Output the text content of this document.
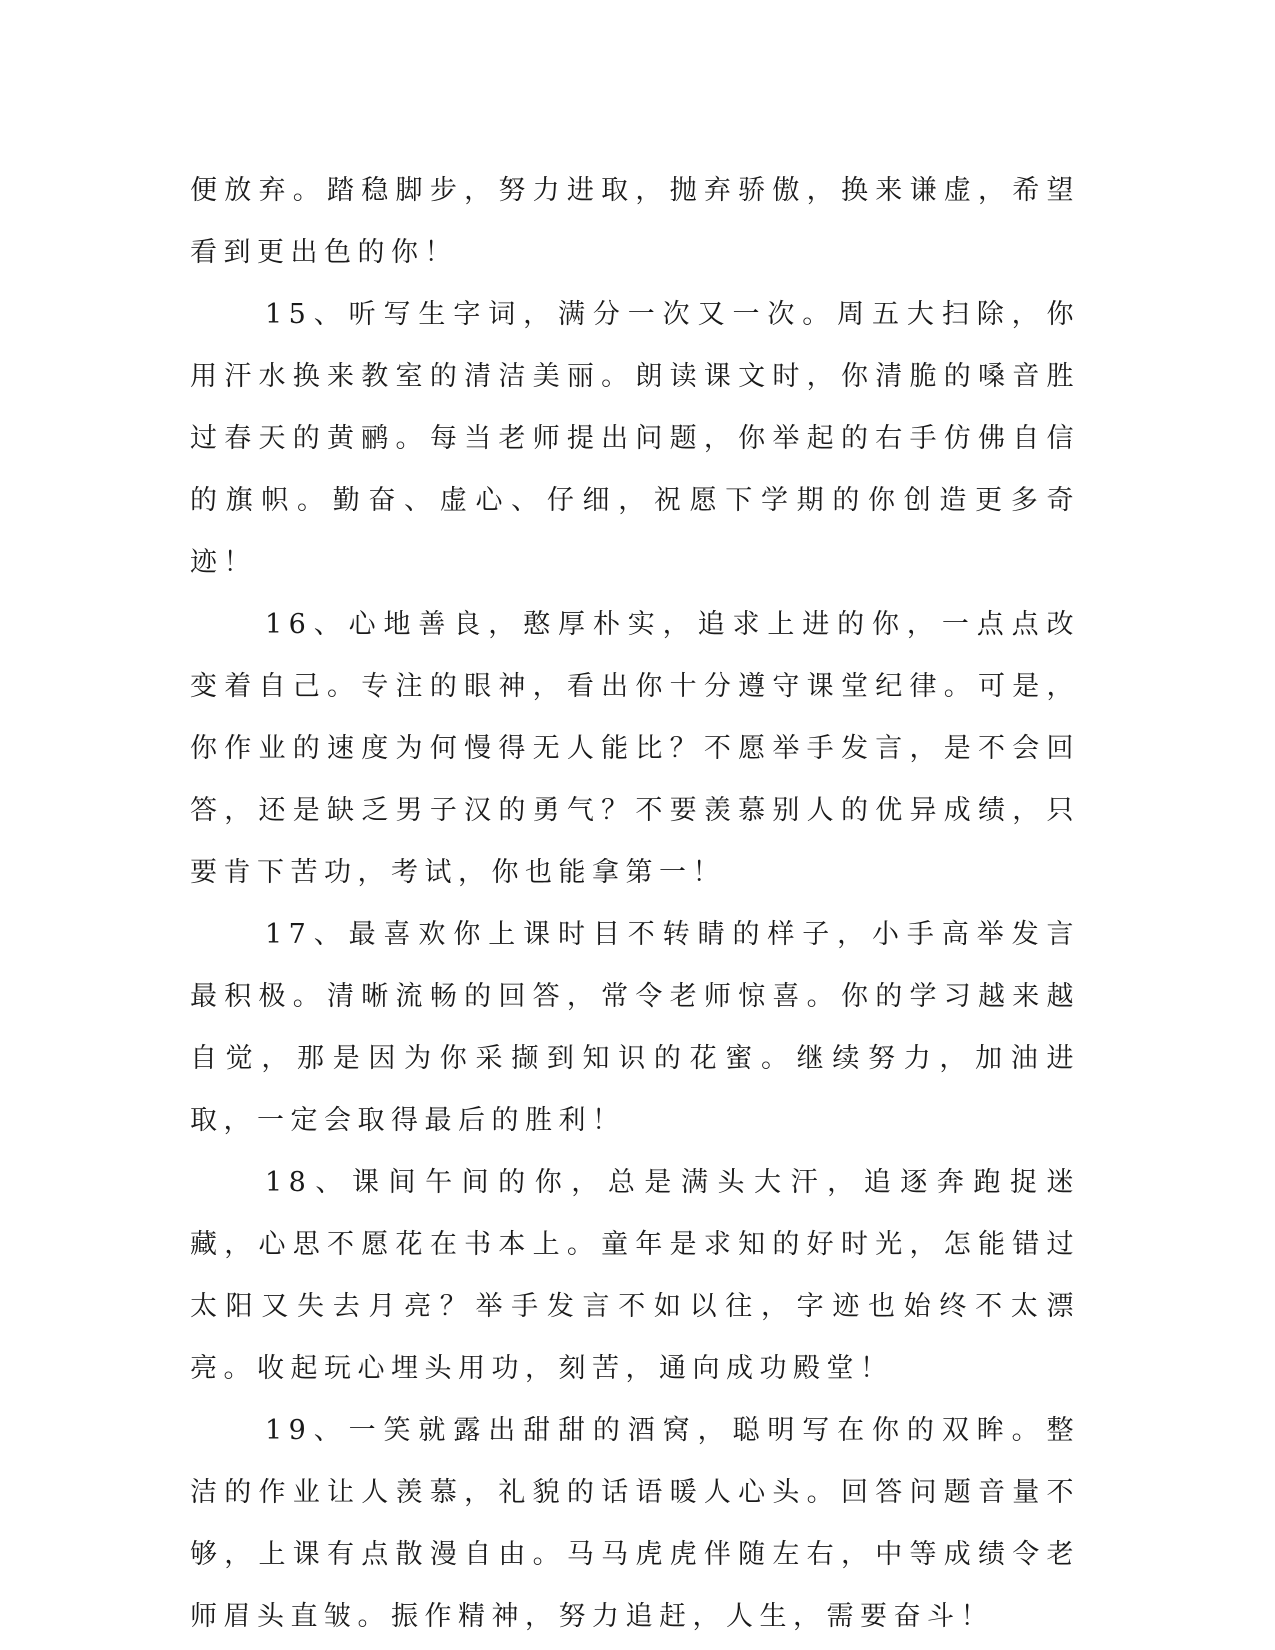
便放弃。踏稳脚步，努力进取，抛弃骄傲，换来谦虚，希望看到更出色的你！

15、听写生字词，满分一次又一次。周五大扫除，你用汗水换来教室的清洁美丽。朗读课文时，你清脆的嗓音胜过春天的黄鹂。每当老师提出问题，你举起的右手仿佛自信的旗帜。勤奋、虚心、仔细，祝愿下学期的你创造更多奇迹！

16、心地善良，憨厚朴实，追求上进的你，一点点改变着自己。专注的眼神，看出你十分遵守课堂纪律。可是，你作业的速度为何慢得无人能比？不愿举手发言，是不会回答，还是缺乏男子汉的勇气？不要羡慕别人的优异成绩，只要肯下苦功，考试，你也能拿第一！

17、最喜欢你上课时目不转睛的样子，小手高举发言最积极。清晰流畅的回答，常令老师惊喜。你的学习越来越自觉，那是因为你采撷到知识的花蜜。继续努力，加油进取，一定会取得最后的胜利！

18、课间午间的你，总是满头大汗，追逐奔跑捉迷藏，心思不愿花在书本上。童年是求知的好时光，怎能错过太阳又失去月亮？举手发言不如以往，字迹也始终不太漂亮。收起玩心埋头用功，刻苦，通向成功殿堂！

19、一笑就露出甜甜的酒窝，聪明写在你的双眸。整洁的作业让人羡慕，礼貌的话语暖人心头。回答问题音量不够，上课有点散漫自由。马马虎虎伴随左右，中等成绩令老师眉头直皱。振作精神，努力追赶，人生，需要奋斗！
